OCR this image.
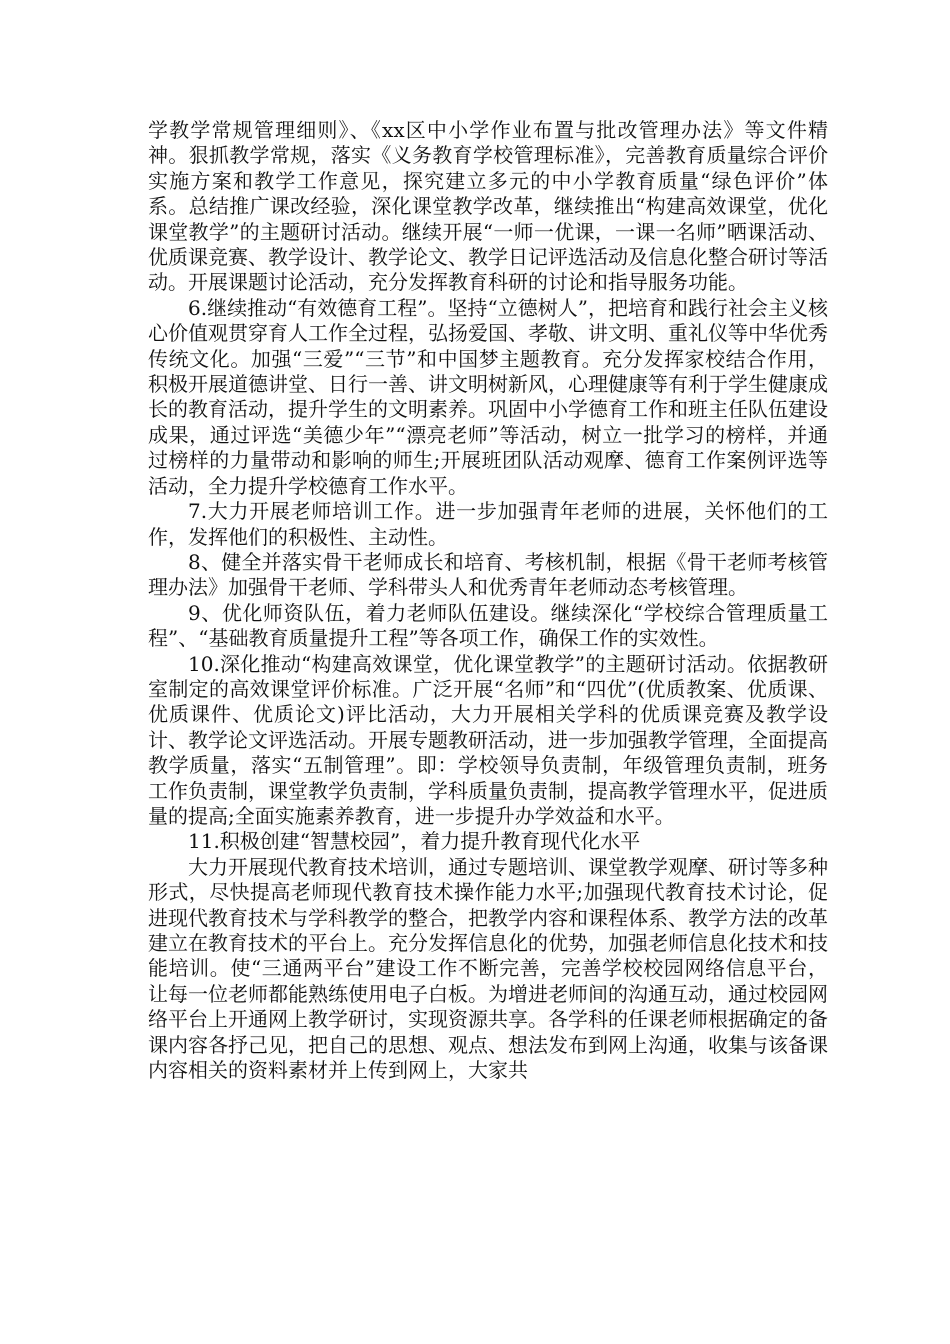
学教学常规管理细则》、《xx区中小学作业布置与批改管理办法》等文件精神。狠抓教学常规，落实《义务教育学校管理标准》，完善教育质量综合评价实施方案和教学工作意见，探究建立多元的中小学教育质量“绿色评价”体系。总结推广课改经验，深化课堂教学改革，继续推出“构建高效课堂，优化课堂教学”的主题研讨活动。继续开展“一师一优课，一课一名师”晒课活动、优质课竞赛、教学设计、教学论文、教学日记评选活动及信息化整合研讨等活动。开展课题讨论活动，充分发挥教育科研的讨论和指导服务功能。

6.继续推动“有效德育工程”。坚持“立德树人”，把培育和践行社会主义核心价值观贯穿育人工作全过程，弘扬爱国、孝敬、讲文明、重礼仪等中华优秀传统文化。加强“三爱”“三节”和中国梦主题教育。充分发挥家校结合作用，积极开展道德讲堂、日行一善、讲文明树新风，心理健康等有利于学生健康成长的教育活动，提升学生的文明素养。巩固中小学德育工作和班主任队伍建设成果，通过评选“美德少年”“漂亮老师”等活动，树立一批学习的榜样，并通过榜样的力量带动和影响的师生;开展班团队活动观摩、德育工作案例评选等活动，全力提升学校德育工作水平。

7.大力开展老师培训工作。进一步加强青年老师的进展，关怀他们的工作，发挥他们的积极性、主动性。

8、健全并落实骨干老师成长和培育、考核机制，根据《骨干老师考核管理办法》加强骨干老师、学科带头人和优秀青年老师动态考核管理。

9、优化师资队伍，着力老师队伍建设。继续深化“学校综合管理质量工程”、“基础教育质量提升工程”等各项工作，确保工作的实效性。

10.深化推动“构建高效课堂，优化课堂教学”的主题研讨活动。依据教研室制定的高效课堂评价标准。广泛开展“名师”和“四优”(优质教案、优质课、优质课件、优质论文)评比活动，大力开展相关学科的优质课竞赛及教学设计、教学论文评选活动。开展专题教研活动，进一步加强教学管理，全面提高教学质量，落实“五制管理”。即：学校领导负责制，年级管理负责制，班务工作负责制，课堂教学负责制，学科质量负责制，提高教学管理水平，促进质量的提高;全面实施素养教育，进一步提升办学效益和水平。

11.积极创建“智慧校园”，着力提升教育现代化水平

大力开展现代教育技术培训，通过专题培训、课堂教学观摩、研讨等多种形式，尽快提高老师现代教育技术操作能力水平;加强现代教育技术讨论，促进现代教育技术与学科教学的整合，把教学内容和课程体系、教学方法的改革建立在教育技术的平台上。充分发挥信息化的优势，加强老师信息化技术和技能培训。使“三通两平台”建设工作不断完善，完善学校校园网络信息平台，让每一位老师都能熟练使用电子白板。为增进老师间的沟通互动，通过校园网络平台上开通网上教学研讨，实现资源共享。各学科的任课老师根据确定的备课内容各抒己见，把自己的思想、观点、想法发布到网上沟通，收集与该备课内容相关的资料素材并上传到网上，大家共
